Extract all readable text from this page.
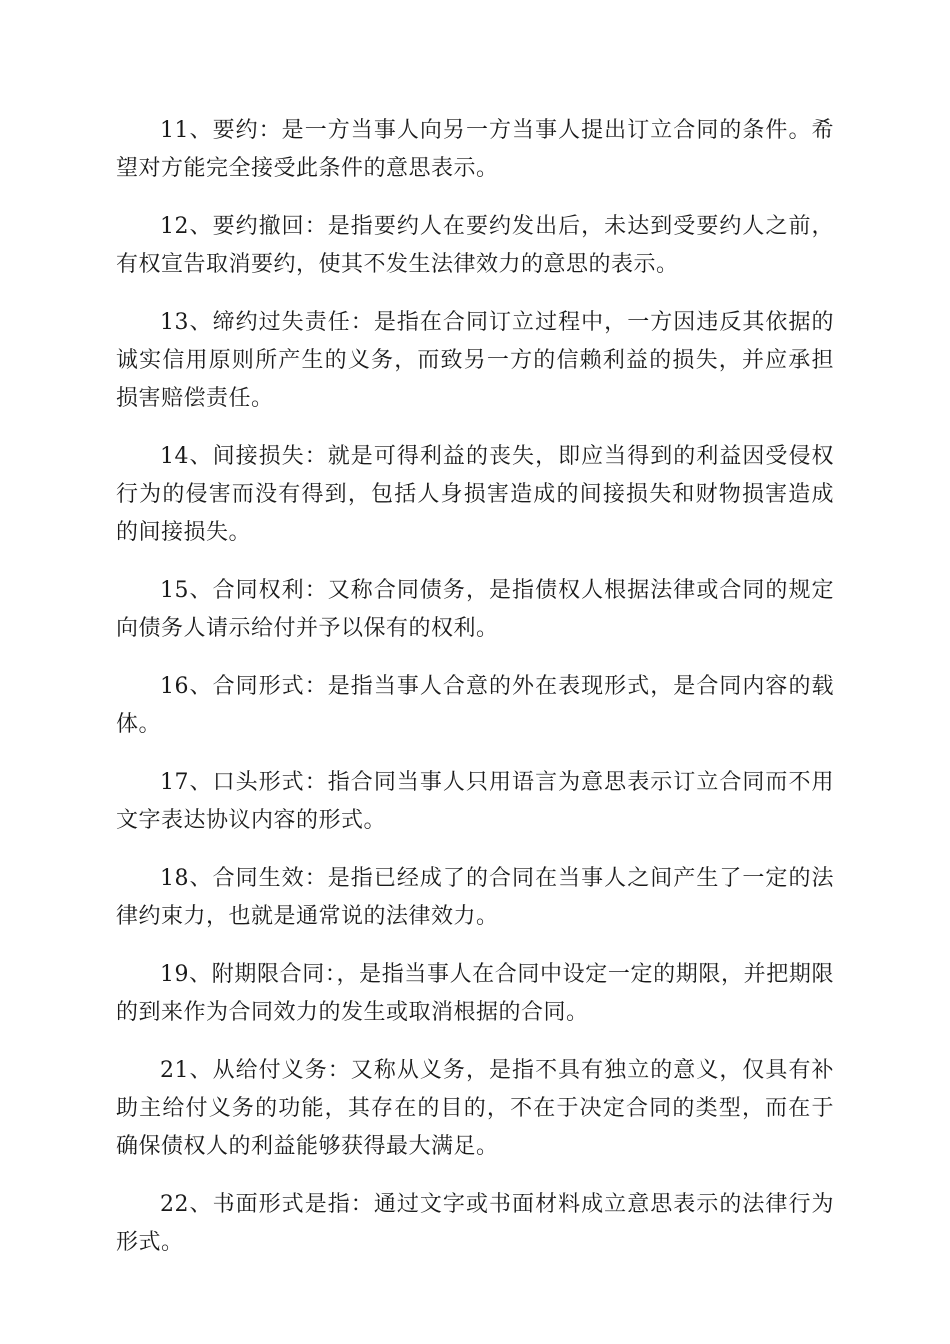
11、要约：是一方当事人向另一方当事人提出订立合同的条件。希望对方能完全接受此条件的意思表示。

12、要约撤回：是指要约人在要约发出后，未达到受要约人之前，有权宣告取消要约，使其不发生法律效力的意思的表示。

13、缔约过失责任：是指在合同订立过程中，一方因违反其依据的诚实信用原则所产生的义务，而致另一方的信赖利益的损失，并应承担损害赔偿责任。

14、间接损失：就是可得利益的丧失，即应当得到的利益因受侵权行为的侵害而没有得到，包括人身损害造成的间接损失和财物损害造成的间接损失。

15、合同权利：又称合同债务，是指债权人根据法律或合同的规定向债务人请示给付并予以保有的权利。

16、合同形式：是指当事人合意的外在表现形式，是合同内容的载体。

17、口头形式：指合同当事人只用语言为意思表示订立合同而不用文字表达协议内容的形式。

18、合同生效：是指已经成了的合同在当事人之间产生了一定的法律约束力，也就是通常说的法律效力。

19、附期限合同：，是指当事人在合同中设定一定的期限，并把期限的到来作为合同效力的发生或取消根据的合同。

21、从给付义务：又称从义务，是指不具有独立的意义，仅具有补助主给付义务的功能，其存在的目的，不在于决定合同的类型，而在于确保债权人的利益能够获得最大满足。

22、书面形式是指：通过文字或书面材料成立意思表示的法律行为形式。
